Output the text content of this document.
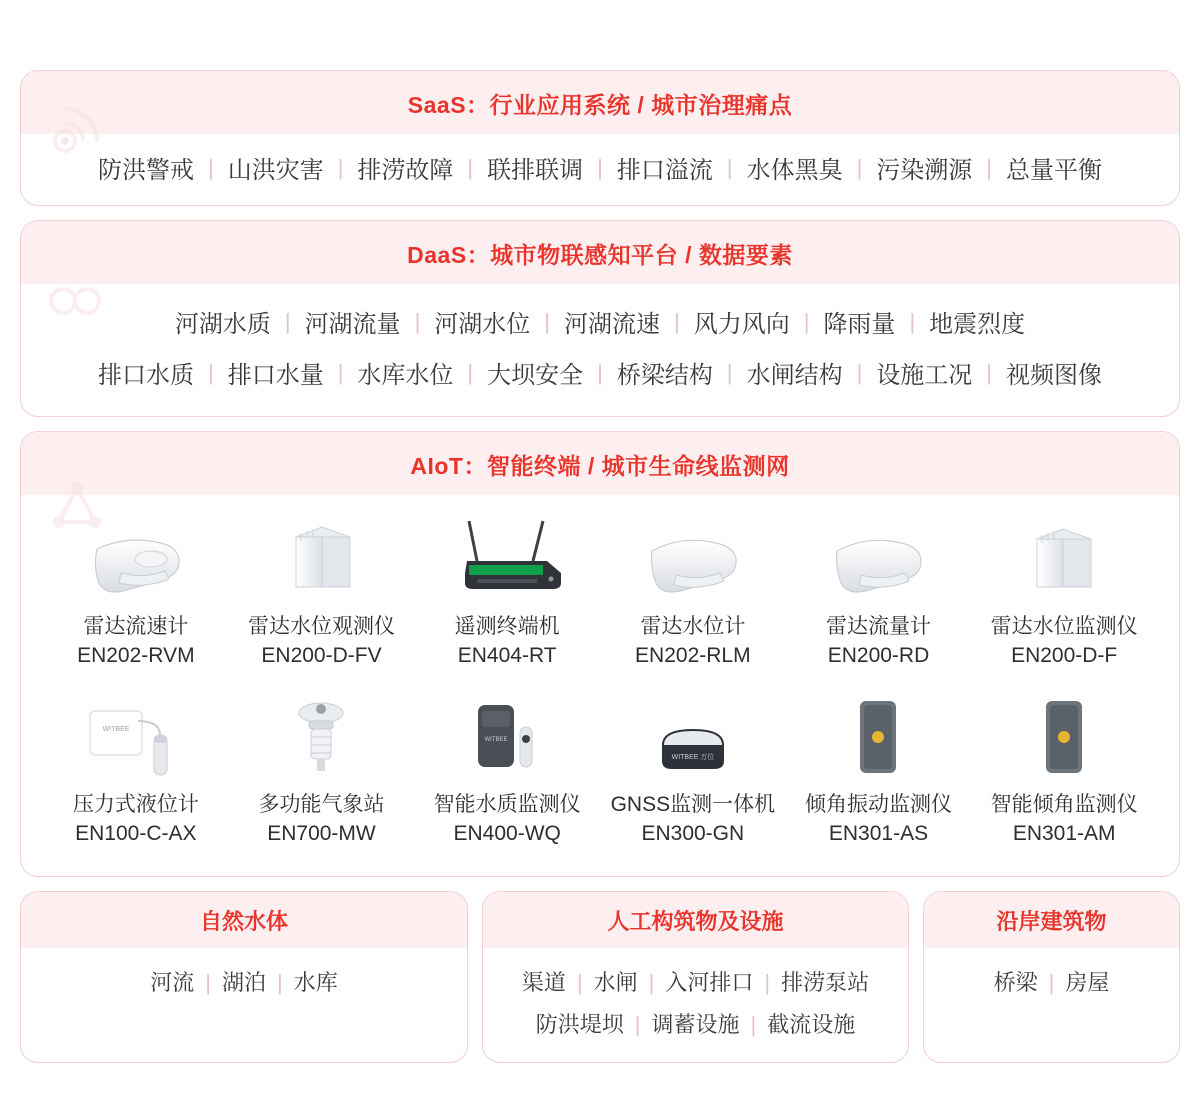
SaaS：行业应用系统 / 城市治理痛点
防洪警戒 | 山洪灾害 | 排涝故障 | 联排联调 | 排口溢流 | 水体黑臭 | 污染溯源 | 总量平衡
DaaS：城市物联感知平台 / 数据要素
河湖水质 | 河湖流量 | 河湖水位 | 河湖流速 | 风力风向 | 降雨量 | 地震烈度
排口水质 | 排口水量 | 水库水位 | 大坝安全 | 桥梁结构 | 水闸结构 | 设施工况 | 视频图像
AIoT：智能终端 / 城市生命线监测网
雷达流速计
EN202-RVM
雷达水位观测仪
EN200-D-FV
遥测终端机
EN404-RT
雷达水位计
EN202-RLM
雷达流量计
EN200-RD
雷达水位监测仪
EN200-D-F
WITBEE
压力式液位计
EN100-C-AX
多功能气象站
EN700-MW
WITBEE
智能水质监测仪
EN400-WQ
WITBEE 万位
GNSS监测一体机
EN300-GN
倾角振动监测仪
EN301-AS
智能倾角监测仪
EN301-AM
自然水体
河流 | 湖泊 | 水库
人工构筑物及设施
渠道 | 水闸 | 入河排口 | 排涝泵站
防洪堤坝 | 调蓄设施 | 截流设施
沿岸建筑物
桥梁 | 房屋
